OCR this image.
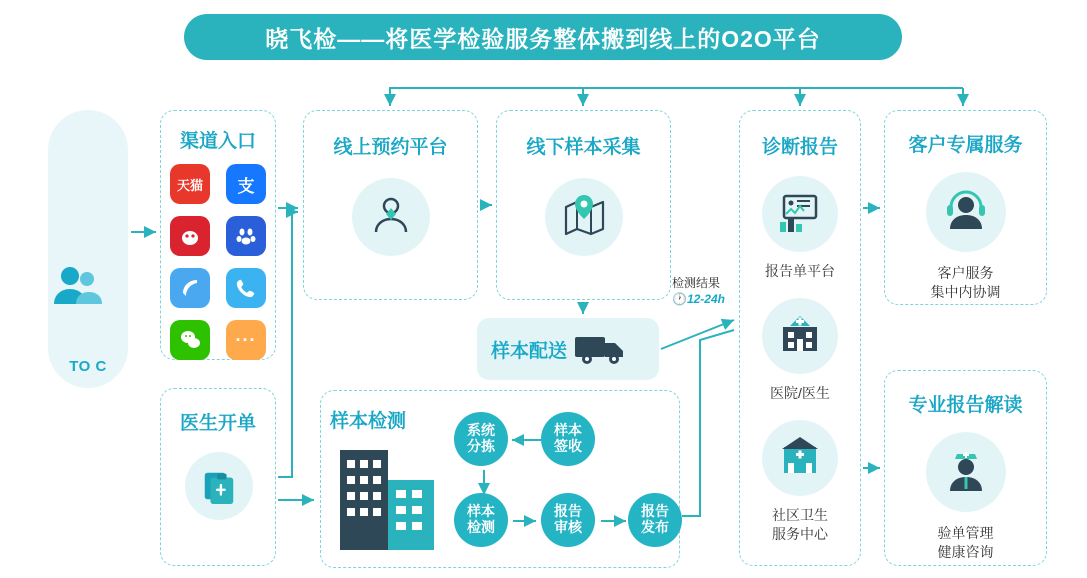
晓飞检——将医学检验服务整体搬到线上的O2O平台
TO C
渠道入口
天猫 支
···
医生开单
线上预约平台	线下样本采集
样本配送
检测结果
🕐12-24h
样本检测	样本
签收
系统
分拣
样本
检测
报告
审核
报告
发布
诊断报告
报告单平台
医院/医生
社区卫生
服务中心
客户专属服务
客户服务
集中内协调
专业报告解读
验单管理
健康咨询
